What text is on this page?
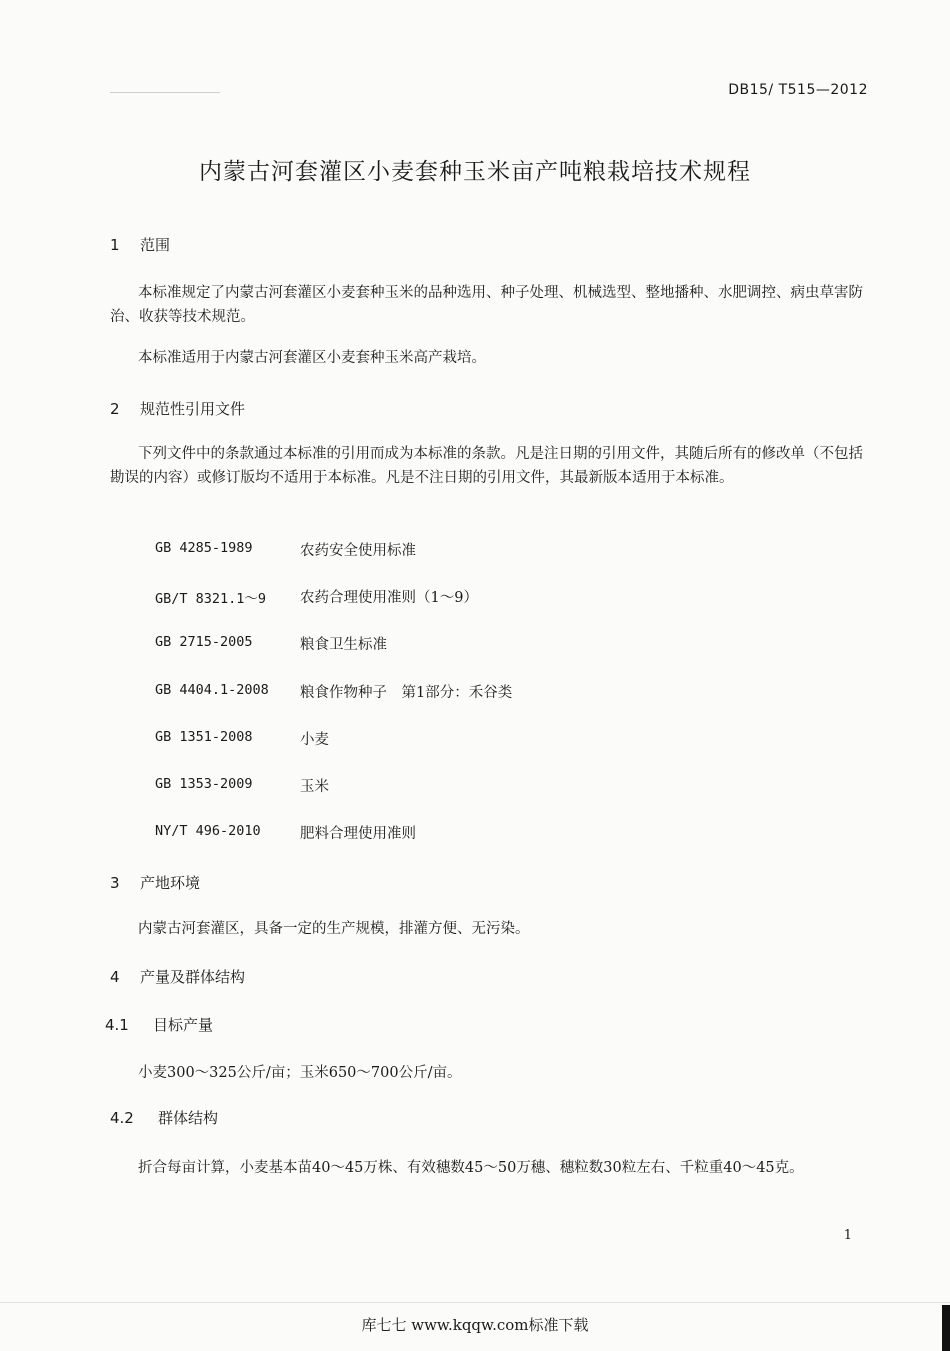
DB15/ T515—2012
内蒙古河套灌区小麦套种玉米亩产吨粮栽培技术规程
1 范围
本标准规定了内蒙古河套灌区小麦套种玉米的品种选用、种子处理、机械选型、整地播种、水肥调控、病虫草害防治、收获等技术规范。
本标准适用于内蒙古河套灌区小麦套种玉米高产栽培。
2 规范性引用文件
下列文件中的条款通过本标准的引用而成为本标准的条款。凡是注日期的引用文件，其随后所有的修改单（不包括勘误的内容）或修订版均不适用于本标准。凡是不注日期的引用文件，其最新版本适用于本标准。
GB 4285-1989	农药安全使用标准
GB/T 8321.1～9 农药合理使用准则（1～9）
GB 2715-2005	粮食卫生标准
GB 4404.1-2008 粮食作物种子　第1部分：禾谷类
GB 1351-2008	小麦
GB 1353-2009	玉米
NY/T 496-2010	肥料合理使用准则
3 产地环境
内蒙古河套灌区，具备一定的生产规模，排灌方便、无污染。
4 产量及群体结构
4.1 目标产量
小麦300～325公斤/亩；玉米650～700公斤/亩。
4.2 群体结构
折合每亩计算，小麦基本苗40～45万株、有效穗数45～50万穗、穗粒数30粒左右、千粒重40～45克。
1
库七七 www.kqqw.com标准下载
